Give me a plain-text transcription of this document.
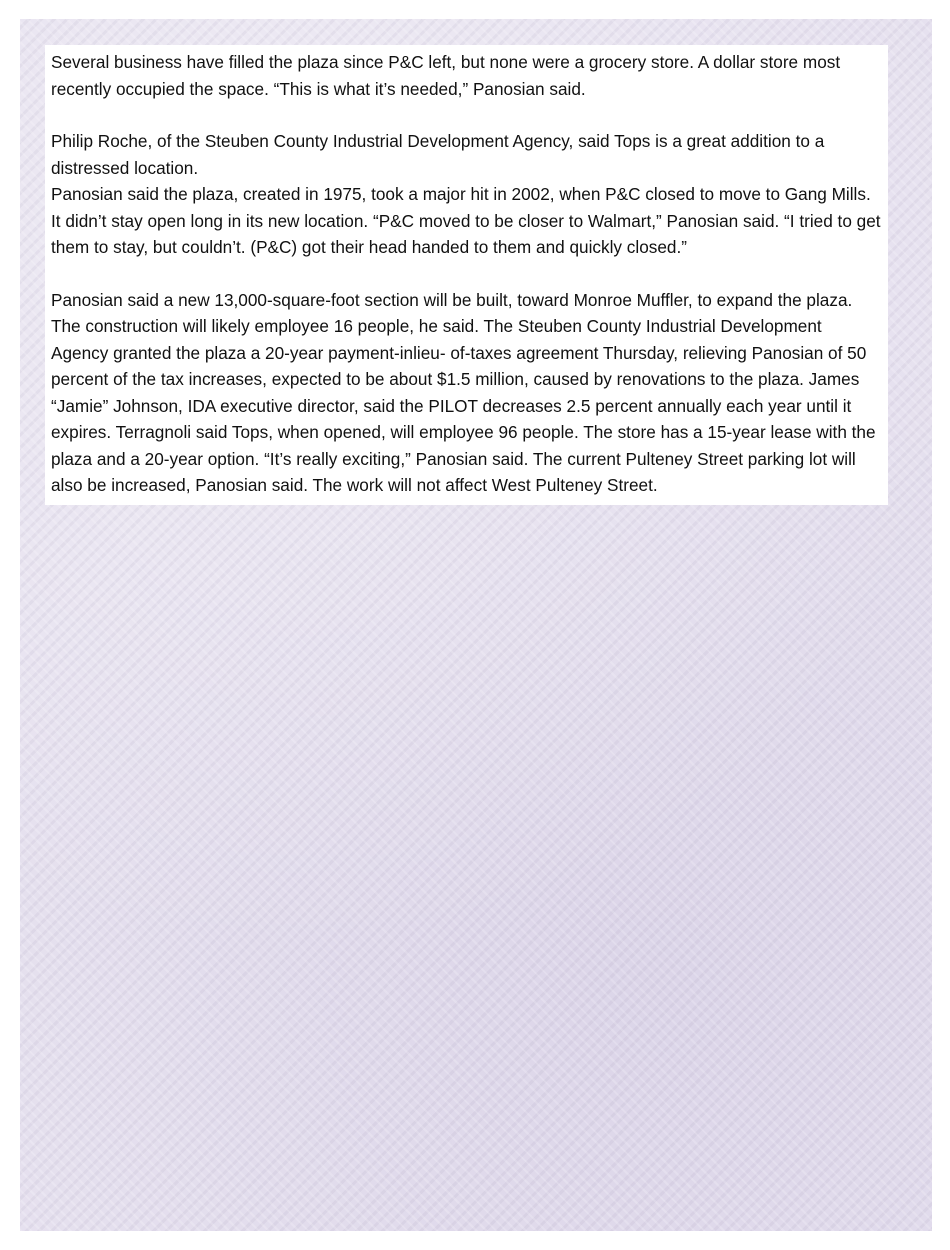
Several business have filled the plaza since P&C left, but none were a grocery store. A dollar store most recently occupied the space. “This is what it’s needed,” Panosian said.

Philip Roche, of the Steuben County Industrial Development Agency, said Tops is a great addition to a distressed location.

Panosian said the plaza, created in 1975, took a major hit in 2002, when P&C closed to move to Gang Mills. It didn’t stay open long in its new location. “P&C moved to be closer to Walmart,” Panosian said. “I tried to get them to stay, but couldn’t. (P&C) got their head handed to them and quickly closed.”

Panosian said a new 13,000-square-foot section will be built, toward Monroe Muffler, to expand the plaza. The construction will likely employee 16 people, he said. The Steuben County Industrial Development Agency granted the plaza a 20-year payment-inlieu- of-taxes agreement Thursday, relieving Panosian of 50 percent of the tax increases, expected to be about $1.5 million, caused by renovations to the plaza. James “Jamie” Johnson, IDA executive director, said the PILOT decreases 2.5 percent annually each year until it expires. Terragnoli said Tops, when opened, will employee 96 people. The store has a 15-year lease with the plaza and a 20-year option. “It’s really exciting,” Panosian said. The current Pulteney Street parking lot will also be increased, Panosian said. The work will not affect West Pulteney Street.
